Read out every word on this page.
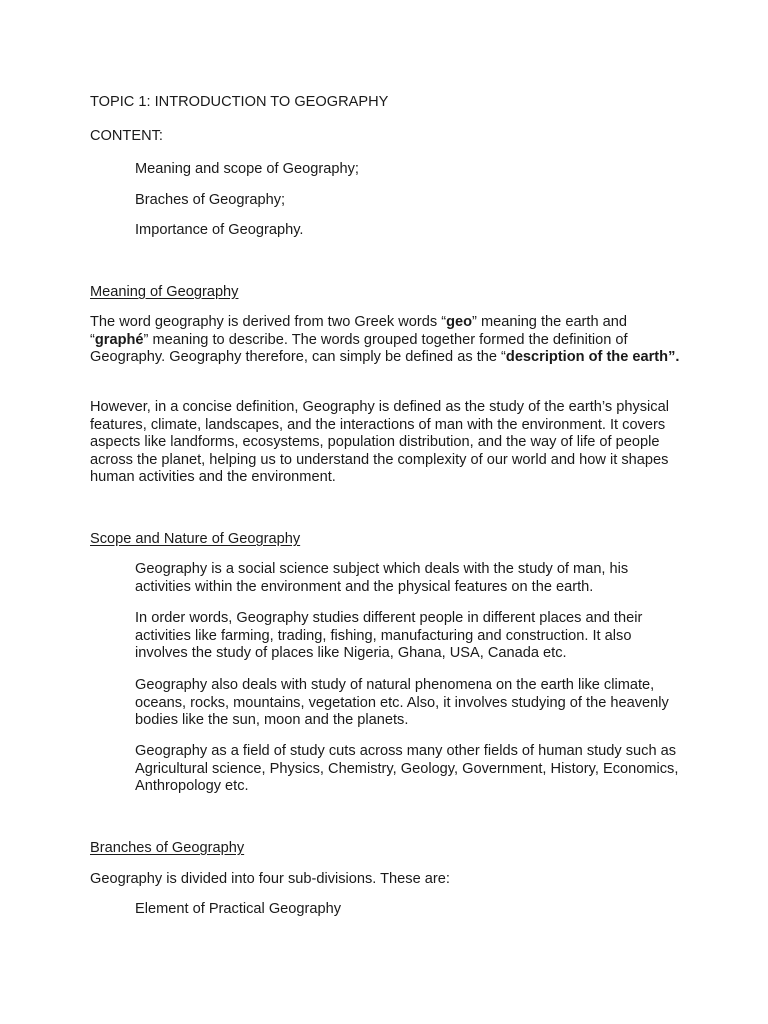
TOPIC 1: INTRODUCTION TO GEOGRAPHY

CONTENT:

Meaning and scope of Geography;

Braches of Geography;

Importance of Geography.

Meaning of Geography

The word geography is derived from two Greek words “geo” meaning the earth and “graphé” meaning to describe. The words grouped together formed the definition of Geography. Geography therefore, can simply be defined as the “description of the earth”.

However, in a concise definition, Geography is defined as the study of the earth’s physical features, climate, landscapes, and the interactions of man with the environment. It covers aspects like landforms, ecosystems, population distribution, and the way of life of people across the planet, helping us to understand the complexity of our world and how it shapes human activities and the environment.

Scope and Nature of Geography

Geography is a social science subject which deals with the study of man, his activities within the environment and the physical features on the earth.

In order words, Geography studies different people in different places and their activities like farming, trading, fishing, manufacturing and construction. It also involves the study of places like Nigeria, Ghana, USA, Canada etc.

Geography also deals with study of natural phenomena on the earth like climate, oceans, rocks, mountains, vegetation etc. Also, it involves studying of the heavenly bodies like the sun, moon and the planets.

Geography as a field of study cuts across many other fields of human study such as Agricultural science, Physics, Chemistry, Geology, Government, History, Economics, Anthropology etc.

Branches of Geography

Geography is divided into four sub-divisions. These are:

Element of Practical Geography
